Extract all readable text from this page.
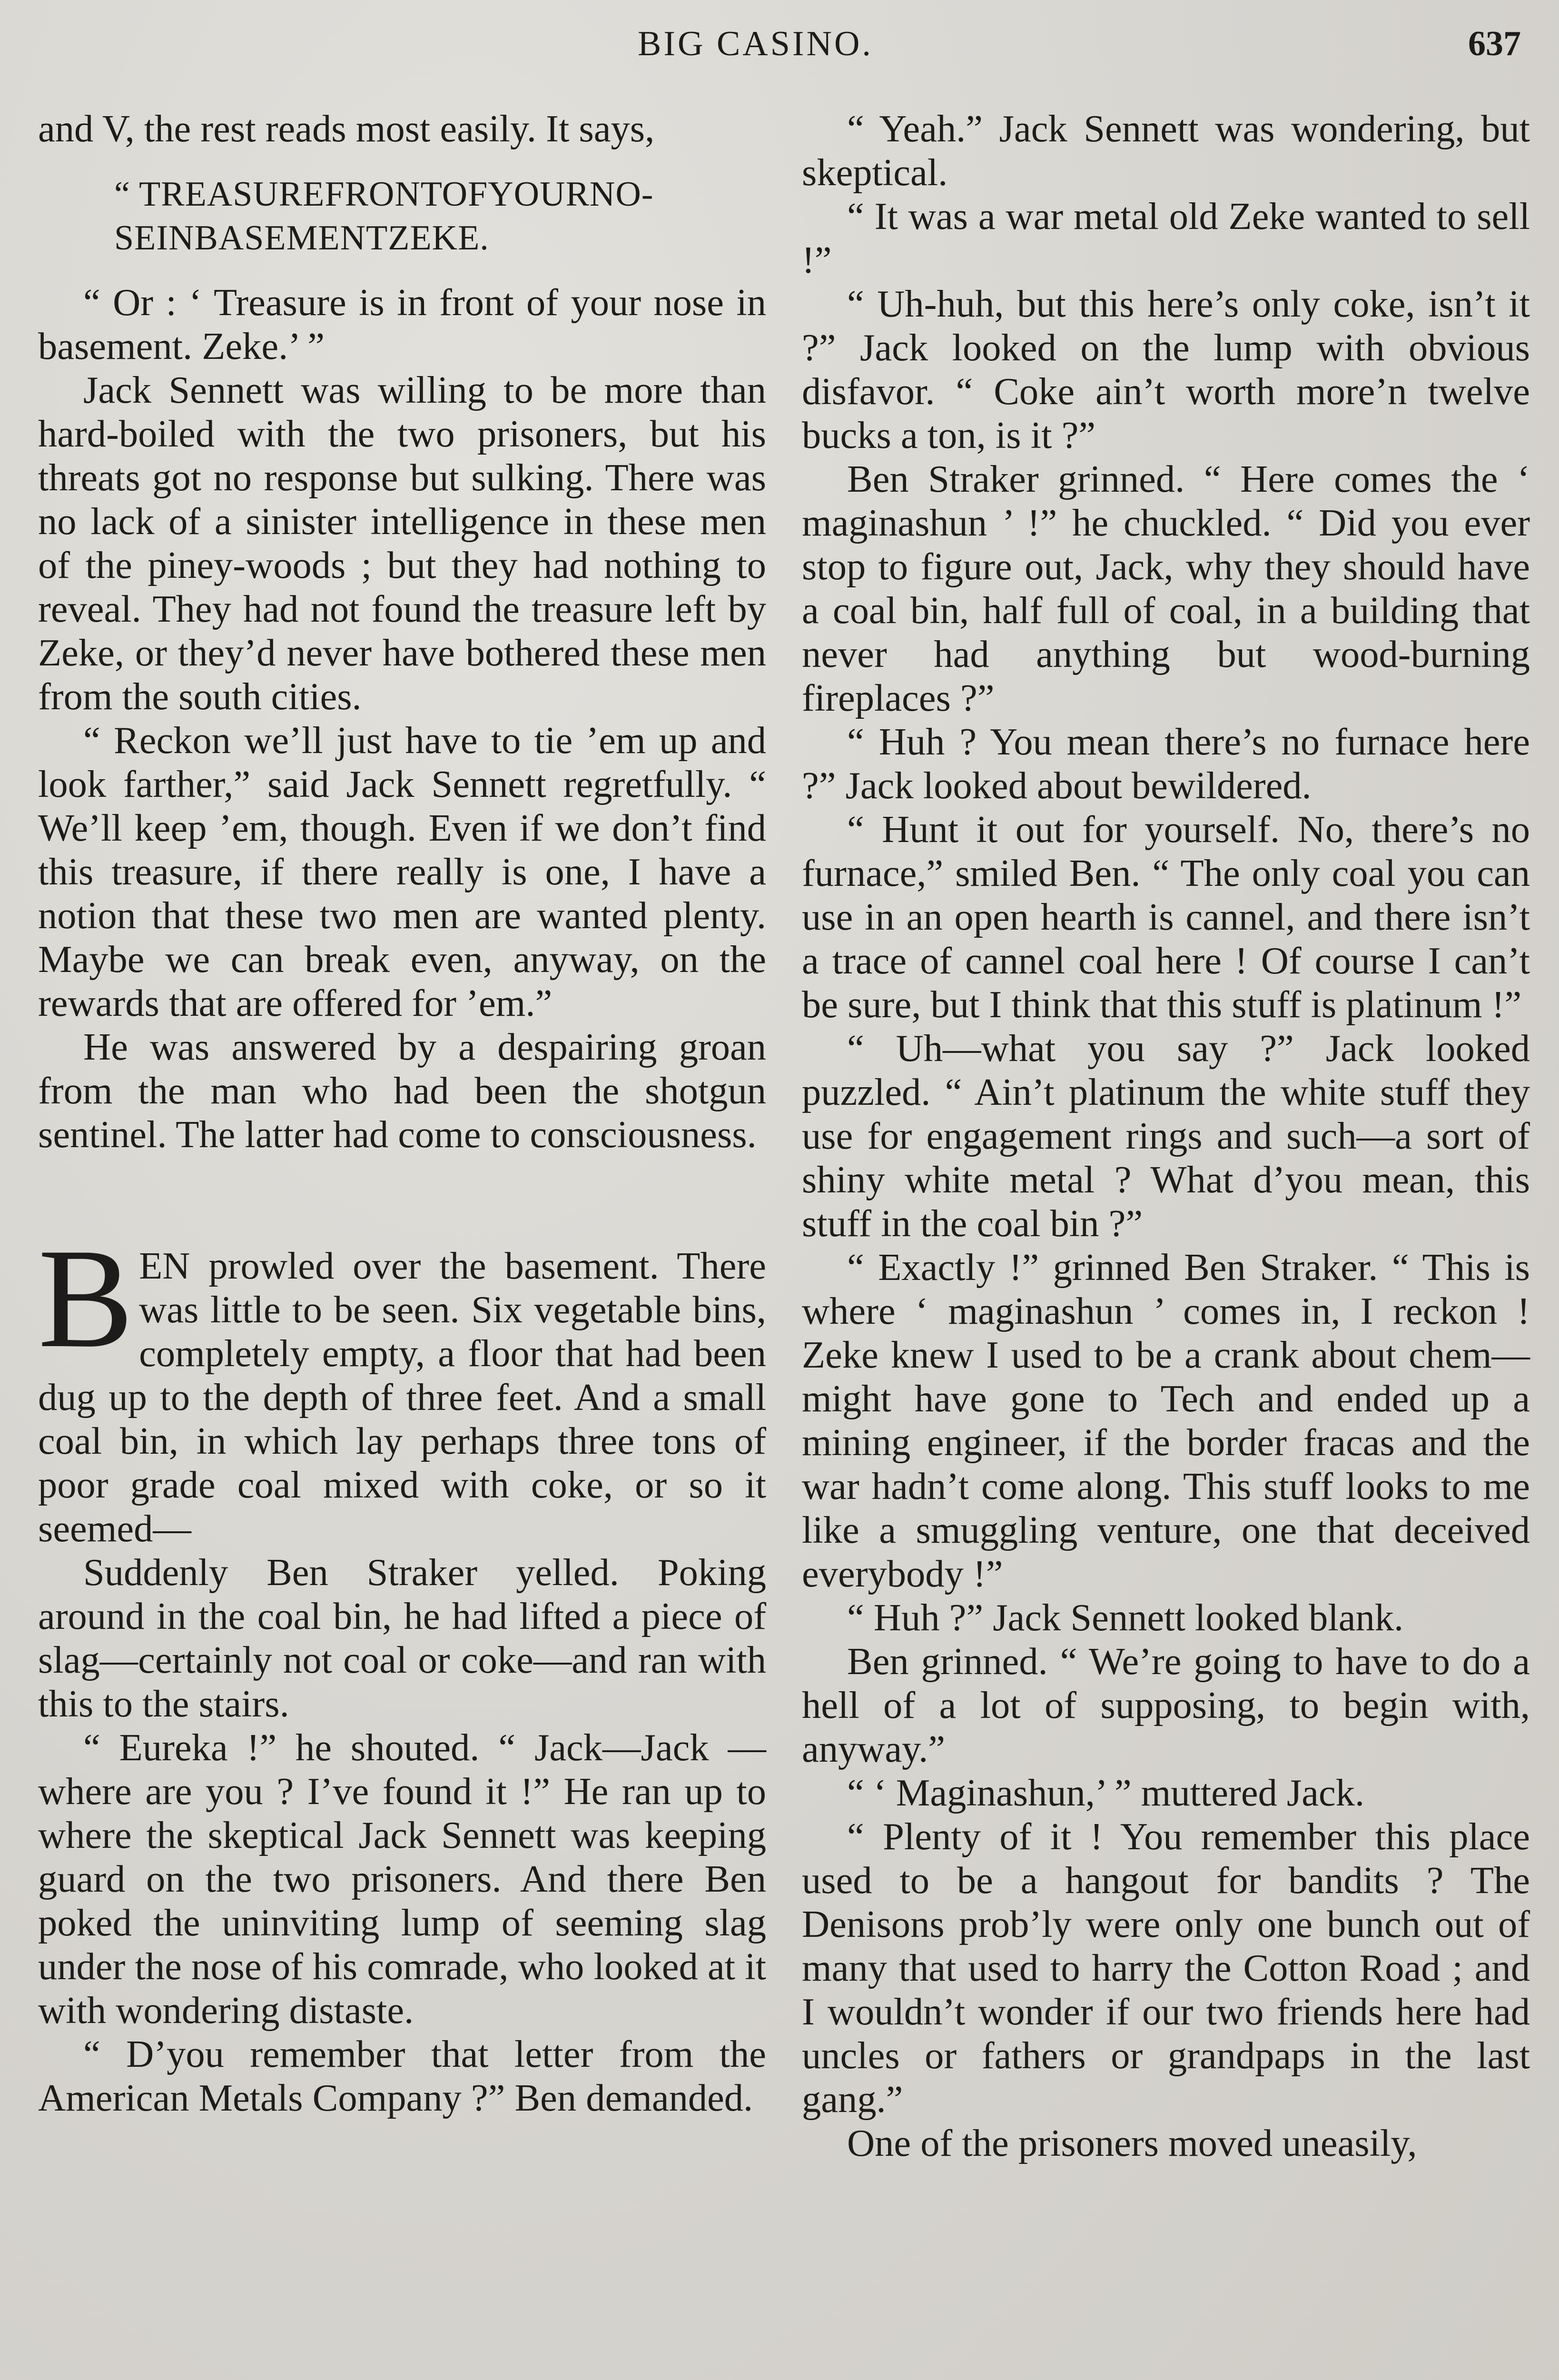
BIG CASINO.	637

and V, the rest reads most easily. It says,

“ TREASUREFRONTOFYOURNO-SEINBASEMENTZEKE.

“ Or : ‘ Treasure is in front of your nose in basement. Zeke.’ ”

Jack Sennett was willing to be more than hard-boiled with the two prisoners, but his threats got no response but sulking. There was no lack of a sinister intelligence in these men of the piney-woods ; but they had nothing to reveal. They had not found the treasure left by Zeke, or they’d never have bothered these men from the south cities.

“ Reckon we’ll just have to tie ’em up and look farther,” said Jack Sennett regretfully. “ We’ll keep ’em, though. Even if we don’t find this treasure, if there really is one, I have a notion that these two men are wanted plenty. Maybe we can break even, anyway, on the rewards that are offered for ’em.”

He was answered by a despairing groan from the man who had been the shotgun sentinel. The latter had come to consciousness.

BEN prowled over the basement. There was little to be seen. Six vegetable bins, completely empty, a floor that had been dug up to the depth of three feet. And a small coal bin, in which lay perhaps three tons of poor grade coal mixed with coke, or so it seemed—

Suddenly Ben Straker yelled. Poking around in the coal bin, he had lifted a piece of slag—certainly not coal or coke—and ran with this to the stairs.

“ Eureka !” he shouted. “ Jack—Jack —where are you ? I’ve found it !” He ran up to where the skeptical Jack Sennett was keeping guard on the two prisoners. And there Ben poked the uninviting lump of seeming slag under the nose of his comrade, who looked at it with wondering distaste.

“ D’you remember that letter from the American Metals Company ?” Ben demanded.

“ Yeah.” Jack Sennett was wondering, but skeptical.

“ It was a war metal old Zeke wanted to sell !”

“ Uh-huh, but this here’s only coke, isn’t it ?” Jack looked on the lump with obvious disfavor. “ Coke ain’t worth more’n twelve bucks a ton, is it ?”

Ben Straker grinned. “ Here comes the ‘ maginashun ’ !” he chuckled. “ Did you ever stop to figure out, Jack, why they should have a coal bin, half full of coal, in a building that never had anything but wood-burning fireplaces ?”

“ Huh ? You mean there’s no furnace here ?” Jack looked about bewildered.

“ Hunt it out for yourself. No, there’s no furnace,” smiled Ben. “ The only coal you can use in an open hearth is cannel, and there isn’t a trace of cannel coal here ! Of course I can’t be sure, but I think that this stuff is platinum !”

“ Uh—what you say ?” Jack looked puzzled. “ Ain’t platinum the white stuff they use for engagement rings and such—a sort of shiny white metal ? What d’you mean, this stuff in the coal bin ?”

“ Exactly !” grinned Ben Straker. “ This is where ‘ maginashun ’ comes in, I reckon ! Zeke knew I used to be a crank about chem—might have gone to Tech and ended up a mining engineer, if the border fracas and the war hadn’t come along. This stuff looks to me like a smuggling venture, one that deceived everybody !”

“ Huh ?” Jack Sennett looked blank.

Ben grinned. “ We’re going to have to do a hell of a lot of supposing, to begin with, anyway.”

“ ‘ Maginashun,’ ” muttered Jack.

“ Plenty of it ! You remember this place used to be a hangout for bandits ? The Denisons prob’ly were only one bunch out of many that used to harry the Cotton Road ; and I wouldn’t wonder if our two friends here had uncles or fathers or grandpaps in the last gang.”

One of the prisoners moved uneasily,
